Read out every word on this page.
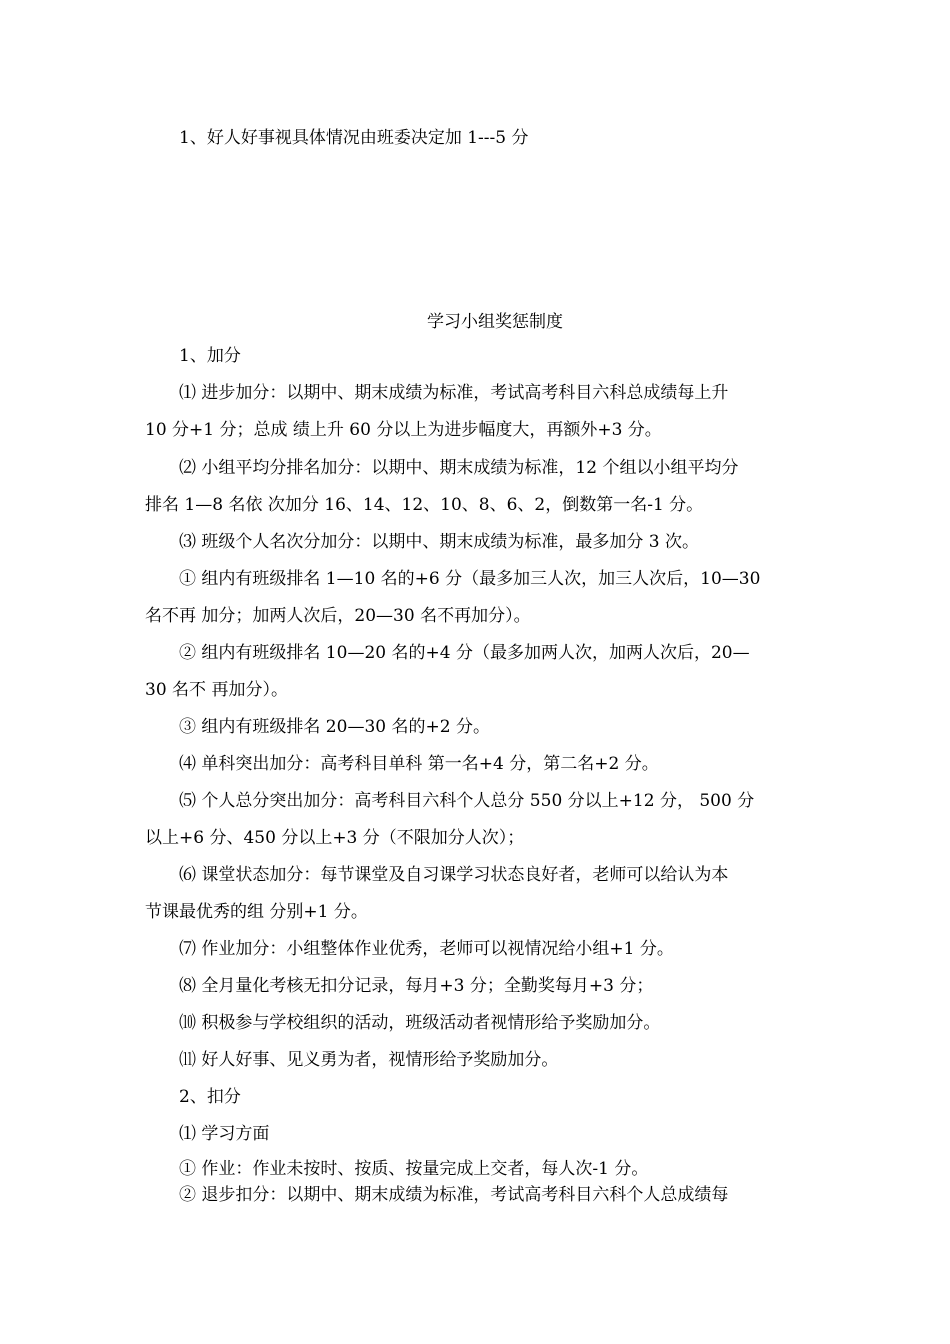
1、好人好事视具体情况由班委决定加 1---5 分
学习小组奖惩制度
1、加分
⑴ 进步加分：以期中、期末成绩为标准，考试高考科目六科总成绩每上升
10 分+1 分；总成 绩上升 60 分以上为进步幅度大，再额外+3 分。
⑵ 小组平均分排名加分：以期中、期末成绩为标准，12 个组以小组平均分
排名 1—8 名依 次加分 16、14、12、10、8、6、2，倒数第一名-1 分。
⑶ 班级个人名次分加分：以期中、期末成绩为标准，最多加分 3 次。
① 组内有班级排名 1—10 名的+6 分（最多加三人次，加三人次后，10—30
名不再 加分；加两人次后，20—30 名不再加分）。
② 组内有班级排名 10—20 名的+4 分（最多加两人次，加两人次后，20—
30 名不 再加分）。
③ 组内有班级排名 20—30 名的+2 分。
⑷ 单科突出加分：高考科目单科 第一名+4 分，第二名+2 分。
⑸ 个人总分突出加分：高考科目六科个人总分 550 分以上+12 分， 500 分
以上+6 分、450 分以上+3 分（不限加分人次）；
⑹ 课堂状态加分：每节课堂及自习课学习状态良好者，老师可以给认为本
节课最优秀的组 分别+1 分。
⑺ 作业加分：小组整体作业优秀，老师可以视情况给小组+1 分。
⑻ 全月量化考核无扣分记录，每月+3 分；全勤奖每月+3 分；
⑽ 积极参与学校组织的活动，班级活动者视情形给予奖励加分。
⑾ 好人好事、见义勇为者，视情形给予奖励加分。
2、扣分
⑴ 学习方面
① 作业：作业未按时、按质、按量完成上交者，每人次-1 分。
② 退步扣分：以期中、期末成绩为标准，考试高考科目六科个人总成绩每
